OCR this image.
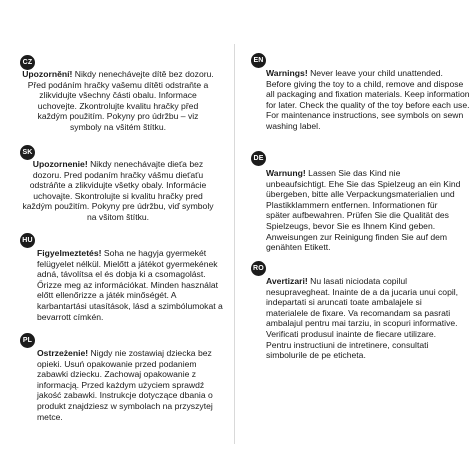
CZ

Upozornění! Nikdy nenechávejte dítě bez dozoru. Před podáním hračky vašemu dítěti odstraňte a zlikvidujte všechny části obalu. Informace uchovejte. Zkontrolujte kvalitu hračky před každým použitím. Pokyny pro údržbu – viz symboly na všitém štítku.

SK

Upozornenie! Nikdy nenechávajte dieťa bez dozoru. Pred podaním hračky vášmu dieťaťu odstráňte a zlikvidujte všetky obaly. Informácie uchovajte. Skontrolujte si kvalitu hračky pred každým použitím. Pokyny pre údržbu, viď symboly na všitom štítku.

HU

Figyelmeztetés! Soha ne hagyja gyermekét felügyelet nélkül. Mielőtt a játékot gyermekének adná, távolítsa el és dobja ki a csomagolást. Őrizze meg az információkat. Minden használat előtt ellenőrizze a játék minőségét. A karbantartási utasítások, lásd a szimbólumokat a bevarrott címkén.

PL

Ostrzeżenie! Nigdy nie zostawiaj dziecka bez opieki. Usuń opakowanie przed podaniem zabawki dziecku. Zachowaj opakowanie z informacją. Przed każdym użyciem sprawdź jakość zabawki. Instrukcje dotyczące dbania o produkt znajdziesz w symbolach na przyszytej metce.

EN

Warnings! Never leave your child unattended. Before giving the toy to a child, remove and dispose all packaging and fixation materials. Keep information for later. Check the quality of the toy before each use. For maintenance instructions, see symbols on sewn washing label.

DE

Warnung! Lassen Sie das Kind nie unbeaufsichtigt. Ehe Sie das Spielzeug an ein Kind übergeben, bitte alle Verpackungsmaterialien und Plastikklammern entfernen. Informationen für später aufbewahren. Prüfen Sie die Qualität des Spielzeugs, bevor Sie es Ihnem Kind geben. Anweisungen zur Reinigung finden Sie auf dem genähten Etikett.

RO

Avertizari! Nu lasati niciodata copilul nesupravegheat. Inainte de a da jucaria unui copil, indepartati si aruncati toate ambalajele si materialele de fixare. Va recomandam sa pasrati ambalajul pentru mai tarziu, in scopuri informative. Verificati produsul inainte de fiecare utilizare. Pentru instructiuni de intretinere, consultati simbolurile de pe eticheta.
